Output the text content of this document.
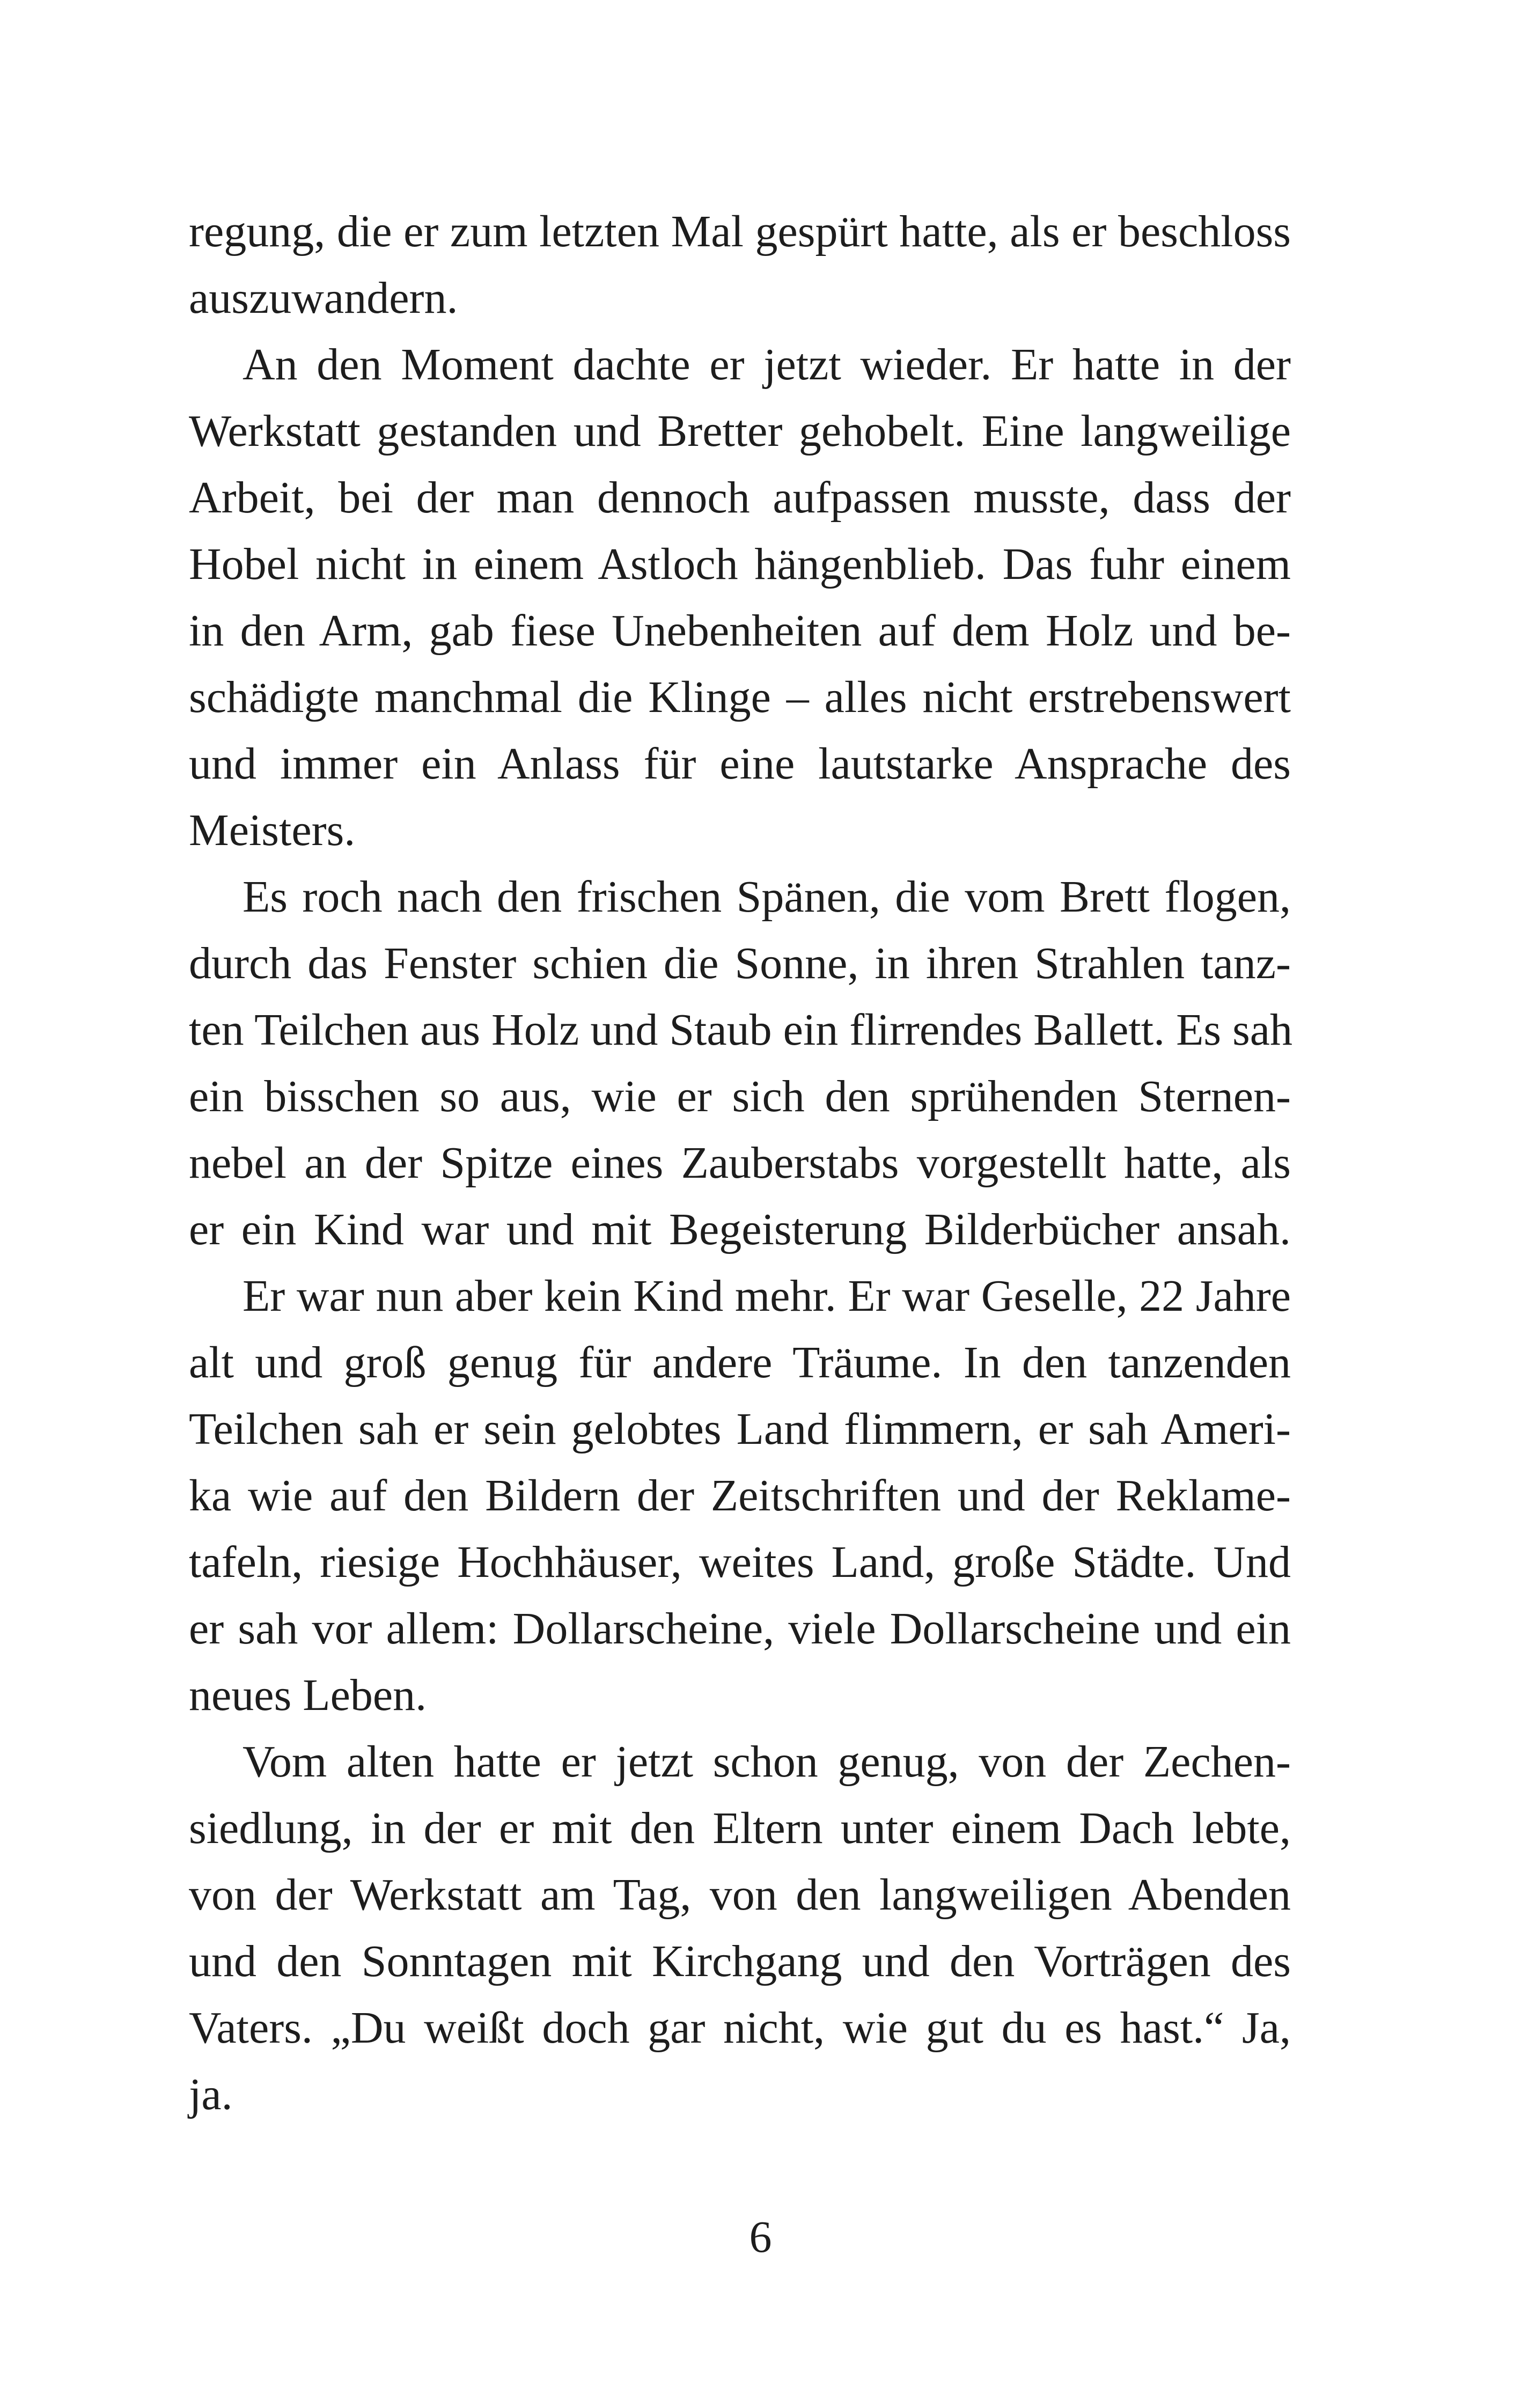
regung, die er zum letzten Mal gespürt hatte, als er beschloss
auszuwandern.
An den Moment dachte er jetzt wieder. Er hatte in der
Werkstatt gestanden und Bretter gehobelt. Eine langweilige
Arbeit, bei der man dennoch aufpassen musste, dass der
Hobel nicht in einem Astloch hängenblieb. Das fuhr einem
in den Arm, gab fiese Unebenheiten auf dem Holz und be-
schädigte manchmal die Klinge – alles nicht erstrebenswert
und immer ein Anlass für eine lautstarke Ansprache des
Meisters.
Es roch nach den frischen Spänen, die vom Brett flogen,
durch das Fenster schien die Sonne, in ihren Strahlen tanz-
ten Teilchen aus Holz und Staub ein flirrendes Ballett. Es sah
ein bisschen so aus, wie er sich den sprühenden Sternen-
nebel an der Spitze eines Zauberstabs vorgestellt hatte, als
er ein Kind war und mit Begeisterung Bilderbücher ansah.
Er war nun aber kein Kind mehr. Er war Geselle, 22 Jahre
alt und groß genug für andere Träume. In den tanzenden
Teilchen sah er sein gelobtes Land flimmern, er sah Ameri-
ka wie auf den Bildern der Zeitschriften und der Reklame-
tafeln, riesige Hochhäuser, weites Land, große Städte. Und
er sah vor allem: Dollarscheine, viele Dollarscheine und ein
neues Leben.
Vom alten hatte er jetzt schon genug, von der Zechen-
siedlung, in der er mit den Eltern unter einem Dach lebte,
von der Werkstatt am Tag, von den langweiligen Abenden
und den Sonntagen mit Kirchgang und den Vorträgen des
Vaters. „Du weißt doch gar nicht, wie gut du es hast.“ Ja,
ja.
6
